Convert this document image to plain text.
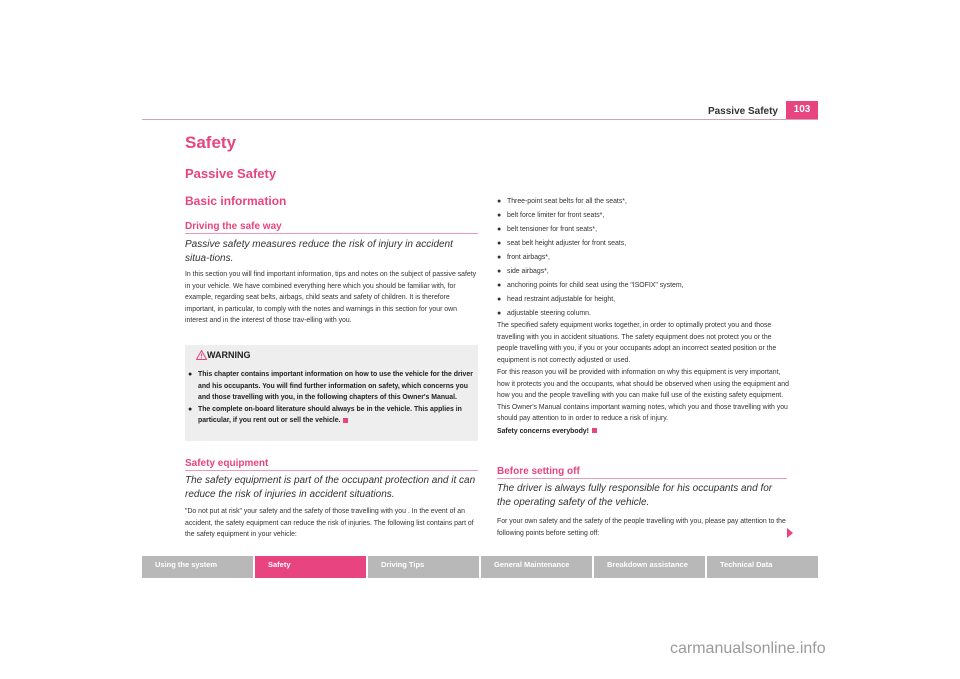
Passive Safety	103
Safety
Passive Safety
Basic information
Driving the safe way
Passive safety measures reduce the risk of injury in accident situa-tions.
In this section you will find important information, tips and notes on the subject of passive safety in your vehicle. We have combined everything here which you should be familiar with, for example, regarding seat belts, airbags, child seats and safety of children. It is therefore important, in particular, to comply with the notes and warnings in this section for your own interest and in the interest of those trav-elling with you.
WARNING
● This chapter contains important information on how to use the vehicle for the driver and his occupants. You will find further information on safety, which concerns you and those travelling with you, in the following chapters of this Owner's Manual.
● The complete on-board literature should always be in the vehicle. This applies in particular, if you rent out or sell the vehicle.
Safety equipment
The safety equipment is part of the occupant protection and it can reduce the risk of injuries in accident situations.
"Do not put at risk" your safety and the safety of those travelling with you . In the event of an accident, the safety equipment can reduce the risk of injuries. The following list contains part of the safety equipment in your vehicle:
● Three-point seat belts for all the seats*,
● belt force limiter for front seats*,
● belt tensioner for front seats*,
● seat belt height adjuster for front seats,
● front airbags*,
● side airbags*,
● anchoring points for child seat using the "ISOFIX" system,
● head restraint adjustable for height,
● adjustable steering column.

The specified safety equipment works together, in order to optimally protect you and those travelling with you in accident situations. The safety equipment does not protect you or the people travelling with you, if you or your occupants adopt an incorrect seated position or the equipment is not correctly adjusted or used.

For this reason you will be provided with information on why this equipment is very important, how it protects you and the occupants, what should be observed when using the equipment and how you and the people travelling with you can make full use of the existing safety equipment. This Owner's Manual contains important warning notes, which you and those travelling with you should pay attention to in order to reduce a risk of injury.

Safety concerns everybody!

Before setting off
The driver is always fully responsible for his occupants and for the operating safety of the vehicle.
For your own safety and the safety of the people travelling with you, please pay attention to the following points before setting off:
Using the system	Safety	Driving Tips	General Maintenance	Breakdown assistance	Technical Data
carmanualsonline.info
